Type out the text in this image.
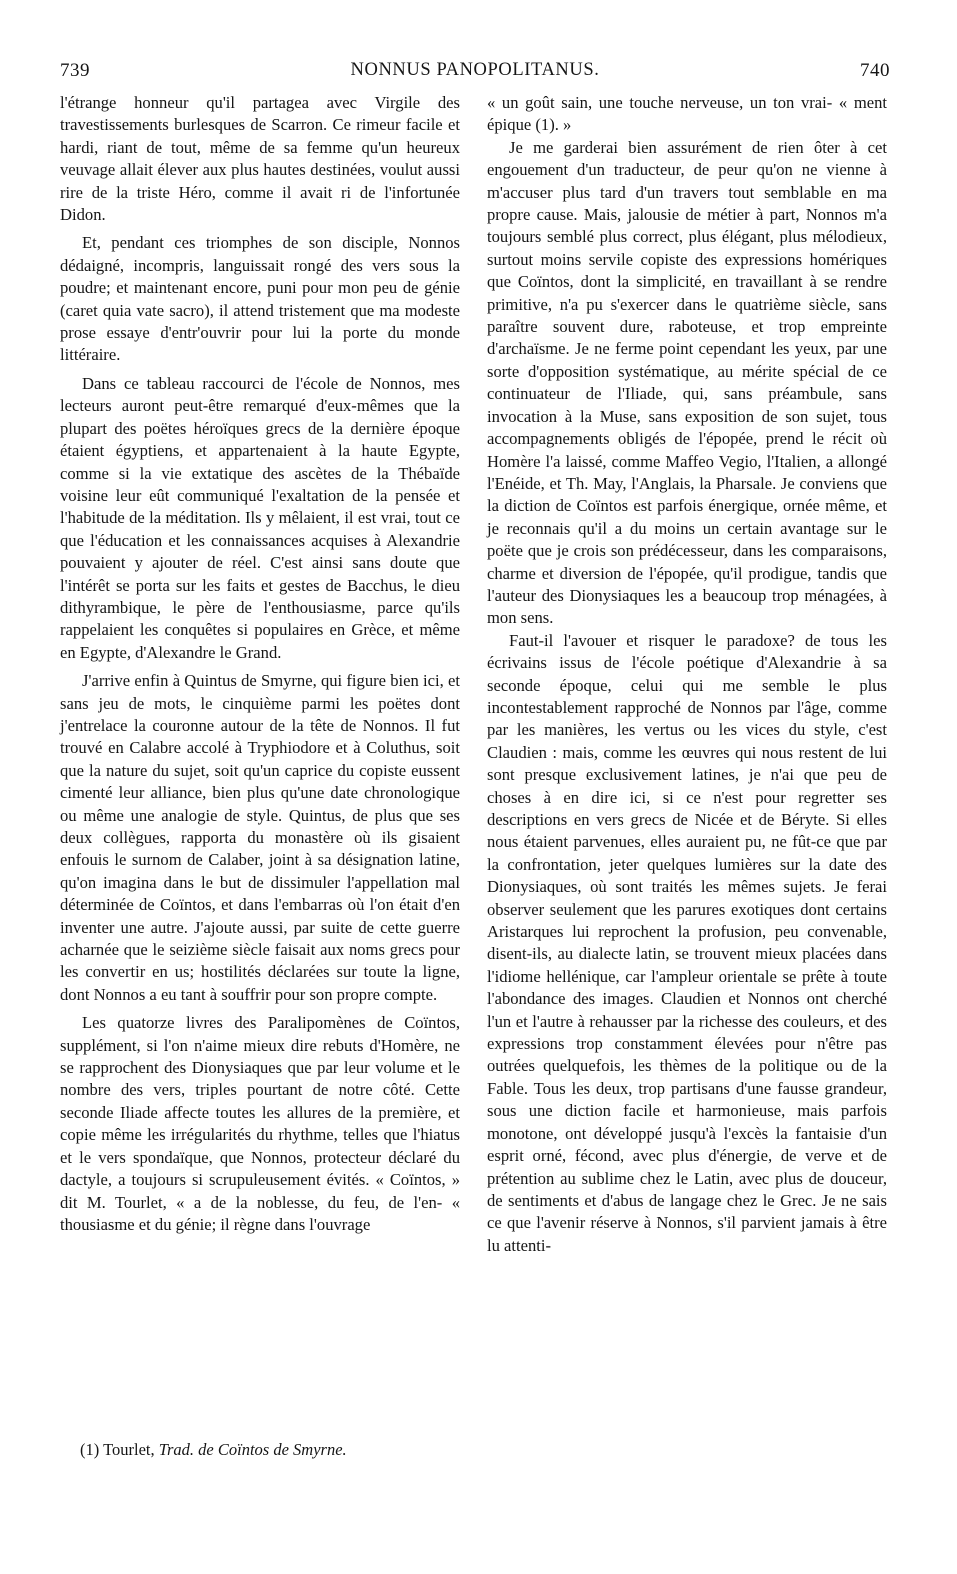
739	NONNUS PANOPOLITANUS.	740

l'étrange honneur qu'il partagea avec Virgile des travestissements burlesques de Scarron. Ce rimeur facile et hardi, riant de tout, même de sa femme qu'un heureux veuvage allait élever aux plus hautes destinées, voulut aussi rire de la triste Héro, comme il avait ri de l'infortunée Didon.

Et, pendant ces triomphes de son disciple, Nonnos dédaigné, incompris, languissait rongé des vers sous la poudre; et maintenant encore, puni pour mon peu de génie (caret quia vate sacro), il attend tristement que ma modeste prose essaye d'entr'ouvrir pour lui la porte du monde littéraire.

Dans ce tableau raccourci de l'école de Nonnos, mes lecteurs auront peut-être remarqué d'eux-mêmes que la plupart des poëtes héroïques grecs de la dernière époque étaient égyptiens, et appartenaient à la haute Egypte, comme si la vie extatique des ascètes de la Thébaïde voisine leur eût communiqué l'exaltation de la pensée et l'habitude de la méditation. Ils y mêlaient, il est vrai, tout ce que l'éducation et les connaissances acquises à Alexandrie pouvaient y ajouter de réel. C'est ainsi sans doute que l'intérêt se porta sur les faits et gestes de Bacchus, le dieu dithyrambique, le père de l'enthousiasme, parce qu'ils rappelaient les conquêtes si populaires en Grèce, et même en Egypte, d'Alexandre le Grand.

J'arrive enfin à Quintus de Smyrne, qui figure bien ici, et sans jeu de mots, le cinquième parmi les poëtes dont j'entrelace la couronne autour de la tête de Nonnos. Il fut trouvé en Calabre accolé à Tryphiodore et à Coluthus, soit que la nature du sujet, soit qu'un caprice du copiste eussent cimenté leur alliance, bien plus qu'une date chronologique ou même une analogie de style. Quintus, de plus que ses deux collègues, rapporta du monastère où ils gisaient enfouis le surnom de Calaber, joint à sa désignation latine, qu'on imagina dans le but de dissimuler l'appellation mal déterminée de Coïntos, et dans l'embarras où l'on était d'en inventer une autre. J'ajoute aussi, par suite de cette guerre acharnée que le seizième siècle faisait aux noms grecs pour les convertir en us; hostilités déclarées sur toute la ligne, dont Nonnos a eu tant à souffrir pour son propre compte.

Les quatorze livres des Paralipomènes de Coïntos, supplément, si l'on n'aime mieux dire rebuts d'Homère, ne se rapprochent des Dionysiaques que par leur volume et le nombre des vers, triples pourtant de notre côté. Cette seconde Iliade affecte toutes les allures de la première, et copie même les irrégularités du rhythme, telles que l'hiatus et le vers spondaïque, que Nonnos, protecteur déclaré du dactyle, a toujours si scrupuleusement évités. « Coïntos, » dit M. Tourlet, « a de la noblesse, du feu, de l'en- « thousiasme et du génie; il règne dans l'ouvrage

« un goût sain, une touche nerveuse, un ton vrai- « ment épique (1). »

Je me garderai bien assurément de rien ôter à cet engouement d'un traducteur, de peur qu'on ne vienne à m'accuser plus tard d'un travers tout semblable en ma propre cause. Mais, jalousie de métier à part, Nonnos m'a toujours semblé plus correct, plus élégant, plus mélodieux, surtout moins servile copiste des expressions homériques que Coïntos, dont la simplicité, en travaillant à se rendre primitive, n'a pu s'exercer dans le quatrième siècle, sans paraître souvent dure, raboteuse, et trop empreinte d'archaïsme. Je ne ferme point cependant les yeux, par une sorte d'opposition systématique, au mérite spécial de ce continuateur de l'Iliade, qui, sans préambule, sans invocation à la Muse, sans exposition de son sujet, tous accompagnements obligés de l'épopée, prend le récit où Homère l'a laissé, comme Maffeo Vegio, l'Italien, a allongé l'Enéide, et Th. May, l'Anglais, la Pharsale. Je conviens que la diction de Coïntos est parfois énergique, ornée même, et je reconnais qu'il a du moins un certain avantage sur le poëte que je crois son prédécesseur, dans les comparaisons, charme et diversion de l'épopée, qu'il prodigue, tandis que l'auteur des Dionysiaques les a beaucoup trop ménagées, à mon sens.

Faut-il l'avouer et risquer le paradoxe? de tous les écrivains issus de l'école poétique d'Alexandrie à sa seconde époque, celui qui me semble le plus incontestablement rapproché de Nonnos par l'âge, comme par les manières, les vertus ou les vices du style, c'est Claudien : mais, comme les œuvres qui nous restent de lui sont presque exclusivement latines, je n'ai que peu de choses à en dire ici, si ce n'est pour regretter ses descriptions en vers grecs de Nicée et de Béryte. Si elles nous étaient parvenues, elles auraient pu, ne fût-ce que par la confrontation, jeter quelques lumières sur la date des Dionysiaques, où sont traités les mêmes sujets. Je ferai observer seulement que les parures exotiques dont certains Aristarques lui reprochent la profusion, peu convenable, disent-ils, au dialecte latin, se trouvent mieux placées dans l'idiome hellénique, car l'ampleur orientale se prête à toute l'abondance des images. Claudien et Nonnos ont cherché l'un et l'autre à rehausser par la richesse des couleurs, et des expressions trop constamment élevées pour n'être pas outrées quelquefois, les thèmes de la politique ou de la Fable. Tous les deux, trop partisans d'une fausse grandeur, sous une diction facile et harmonieuse, mais parfois monotone, ont développé jusqu'à l'excès la fantaisie d'un esprit orné, fécond, avec plus d'énergie, de verve et de prétention au sublime chez le Latin, avec plus de douceur, de sentiments et d'abus de langage chez le Grec. Je ne sais ce que l'avenir réserve à Nonnos, s'il parvient jamais à être lu attenti-

(1) Tourlet, Trad. de Coïntos de Smyrne.
